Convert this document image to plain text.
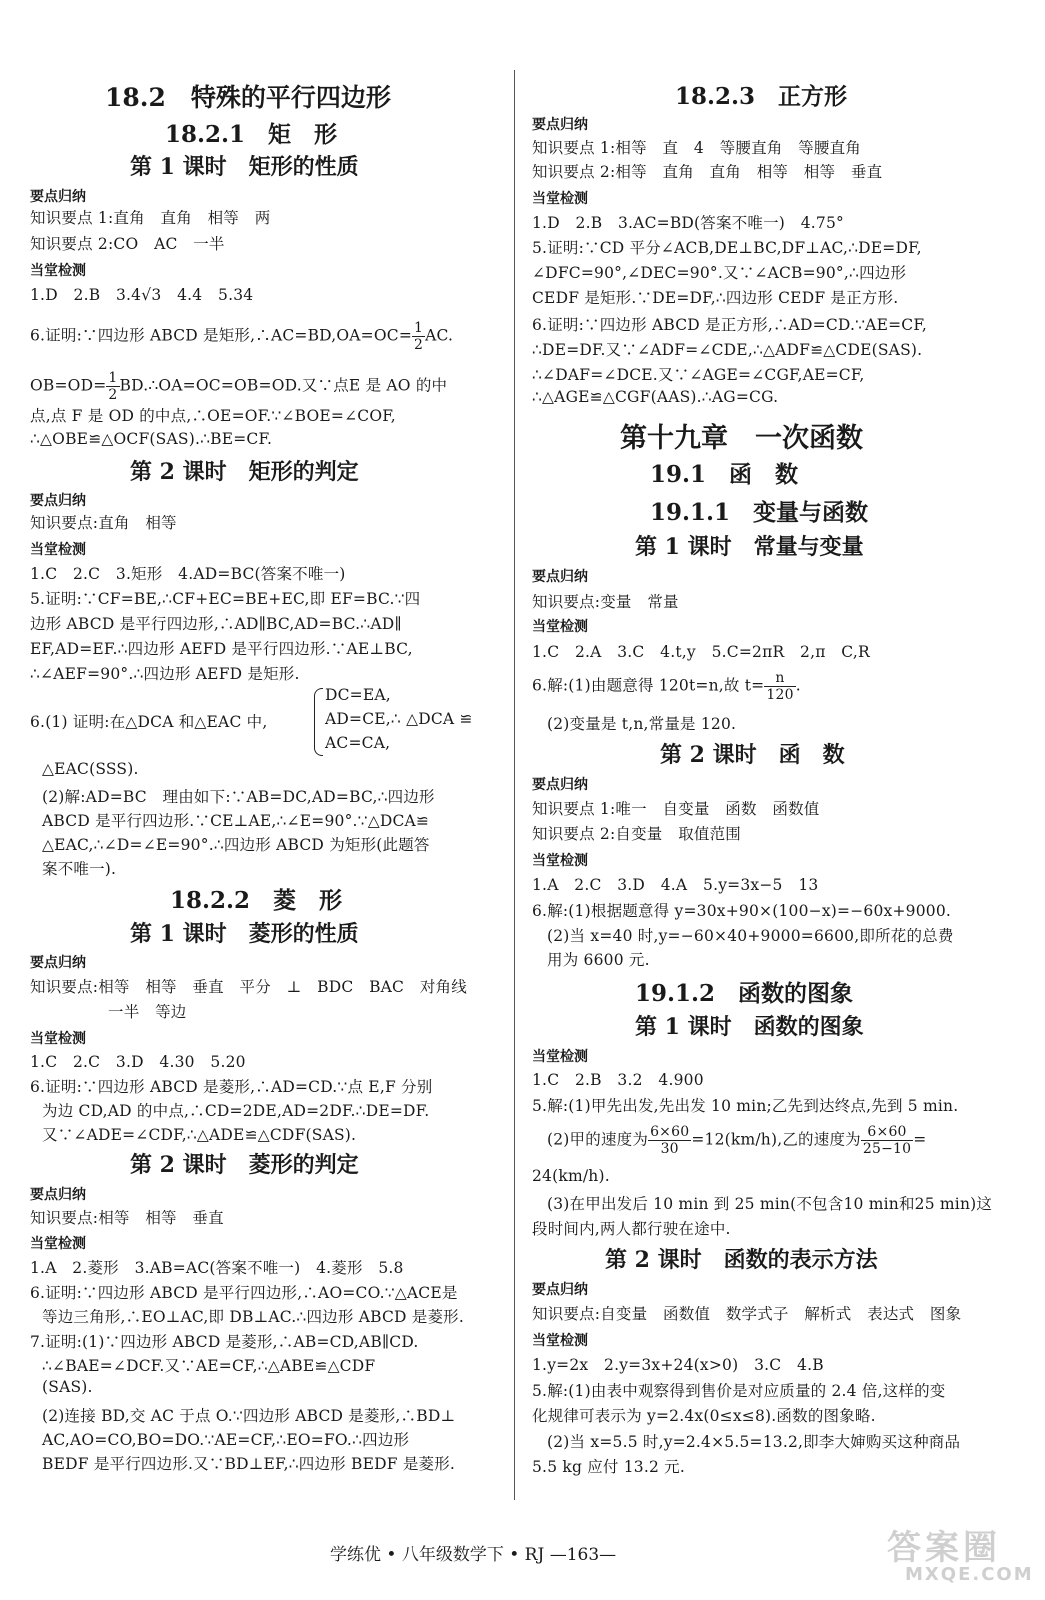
18.2　特殊的平行四边形
18.2.1　矩　形
第 1 课时　矩形的性质
要点归纳
知识要点 1:直角　直角　相等　两
知识要点 2:CO　AC　一半
当堂检测
1.D　2.B　3.4√3　4.4　5.34
6.证明:∵四边形 ABCD 是矩形,∴AC=BD,OA=OC= $\frac{1}{2}$ AC.
$OB=OD= \frac{1}{2}$ BD.∴OA=OC=OB=OD.又∵点E 是 AO 的中
点,点 F 是 OD 的中点,∴OE=OF.∵∠BOE=∠COF,
∴△OBE≌△OCF(SAS).∴BE=CF.
第 2 课时　矩形的判定
要点归纳
知识要点:直角　相等
当堂检测
1.C　2.C　3.矩形　4.AD=BC(答案不唯一)
5.证明:∵CF=BE,∴CF+EC=BE+EC,即 EF=BC.∵四
边形 ABCD 是平行四边形,∴AD∥BC,AD=BC.∴AD∥
EF,AD=EF.∴四边形 AEFD 是平行四边形.∵AE⊥BC,
∴∠AEF=90°.∴四边形 AEFD 是矩形.
6.(1) 证明:在△DCA 和△EAC 中,
DC=EA,
AD=CE,∴ △DCA ≌
AC=CA,
△EAC(SSS).
(2)解:AD=BC　理由如下:∵AB=DC,AD=BC,∴四边形
ABCD 是平行四边形.∵CE⊥AE,∴∠E=90°.∵△DCA≌
△EAC,∴∠D=∠E=90°.∴四边形 ABCD 为矩形(此题答
案不唯一).
18.2.2　菱　形
第 1 课时　菱形的性质
要点归纳
知识要点:相等　相等　垂直　平分　⊥　BDC　BAC　对角线
一半　等边
当堂检测
1.C　2.C　3.D　4.30　5.20
6.证明:∵四边形 ABCD 是菱形,∴AD=CD.∵点 E,F 分别
为边 CD,AD 的中点,∴CD=2DE,AD=2DF.∴DE=DF.
又∵∠ADE=∠CDF,∴△ADE≌△CDF(SAS).
第 2 课时　菱形的判定
要点归纳
知识要点:相等　相等　垂直
当堂检测
1.A　2.菱形　3.AB=AC(答案不唯一)　4.菱形　5.8
6.证明:∵四边形 ABCD 是平行四边形,∴AO=CO.∵△ACE是
等边三角形,∴EO⊥AC,即 DB⊥AC.∴四边形 ABCD 是菱形.
7.证明:(1)∵四边形 ABCD 是菱形,∴AB=CD,AB∥CD.
∴∠BAE=∠DCF.又∵AE=CF,∴△ABE≌△CDF
(SAS).
(2)连接 BD,交 AC 于点 O.∵四边形 ABCD 是菱形,∴BD⊥
AC,AO=CO,BO=DO.∵AE=CF,∴EO=FO.∴四边形
BEDF 是平行四边形.又∵BD⊥EF,∴四边形 BEDF 是菱形.
18.2.3　正方形
要点归纳
知识要点 1:相等　直　4　等腰直角　等腰直角
知识要点 2:相等　直角　直角　相等　相等　垂直
当堂检测
1.D　2.B　3.AC=BD(答案不唯一)　4.75°
5.证明:∵CD 平分∠ACB,DE⊥BC,DF⊥AC,∴DE=DF,
∠DFC=90°,∠DEC=90°.又∵∠ACB=90°,∴四边形
CEDF 是矩形.∵DE=DF,∴四边形 CEDF 是正方形.
6.证明:∵四边形 ABCD 是正方形,∴AD=CD.∵AE=CF,
∴DE=DF.又∵∠ADF=∠CDE,∴△ADF≌△CDE(SAS).
∴∠DAF=∠DCE.又∵∠AGE=∠CGF,AE=CF,
∴△AGE≌△CGF(AAS).∴AG=CG.
第十九章　一次函数
19.1　函　数
19.1.1　变量与函数
第 1 课时　常量与变量
要点归纳
知识要点:变量　常量
当堂检测
1.C　2.A　3.C　4.t,y　5.C=2πR　2,π　C,R
6.解:(1)由题意得 120t=n,故 $t= \frac{n}{120}$ .
(2)变量是 t,n,常量是 120.
第 2 课时　函　数
要点归纳
知识要点 1:唯一　自变量　函数　函数值
知识要点 2:自变量　取值范围
当堂检测
1.A　2.C　3.D　4.A　5.y=3x−5　13
6.解:(1)根据题意得 y=30x+90×(100−x)=−60x+9000.
(2)当 x=40 时,y=−60×40+9000=6600,即所花的总费
用为 6600 元.
19.1.2　函数的图象
第 1 课时　函数的图象
当堂检测
1.C　2.B　3.2　4.900
5.解:(1)甲先出发,先出发 10 min;乙先到达终点,先到 5 min.
(2)甲的速度为 $\frac{6\times 60}{30} =12(km/h)$,乙的速度为 $\frac{6\times 60}{25-10}$ =
24(km/h).
(3)在甲出发后 10 min 到 25 min(不包含10 min和25 min)这
段时间内,两人都行驶在途中.
第 2 课时　函数的表示方法
要点归纳
知识要点:自变量　函数值　数学式子　解析式　表达式　图象
当堂检测
1.y=2x　2.y=3x+24(x>0)　3.C　4.B
5.解:(1)由表中观察得到售价是对应质量的 2.4 倍,这样的变
化规律可表示为 y=2.4x(0≤x≤8).函数的图象略.
(2)当 x=5.5 时,y=2.4×5.5=13.2,即李大婶购买这种商品
5.5 kg 应付 13.2 元.
学练优 • 八年级数学下 • RJ —163—	答案圈
MXQE.COM
